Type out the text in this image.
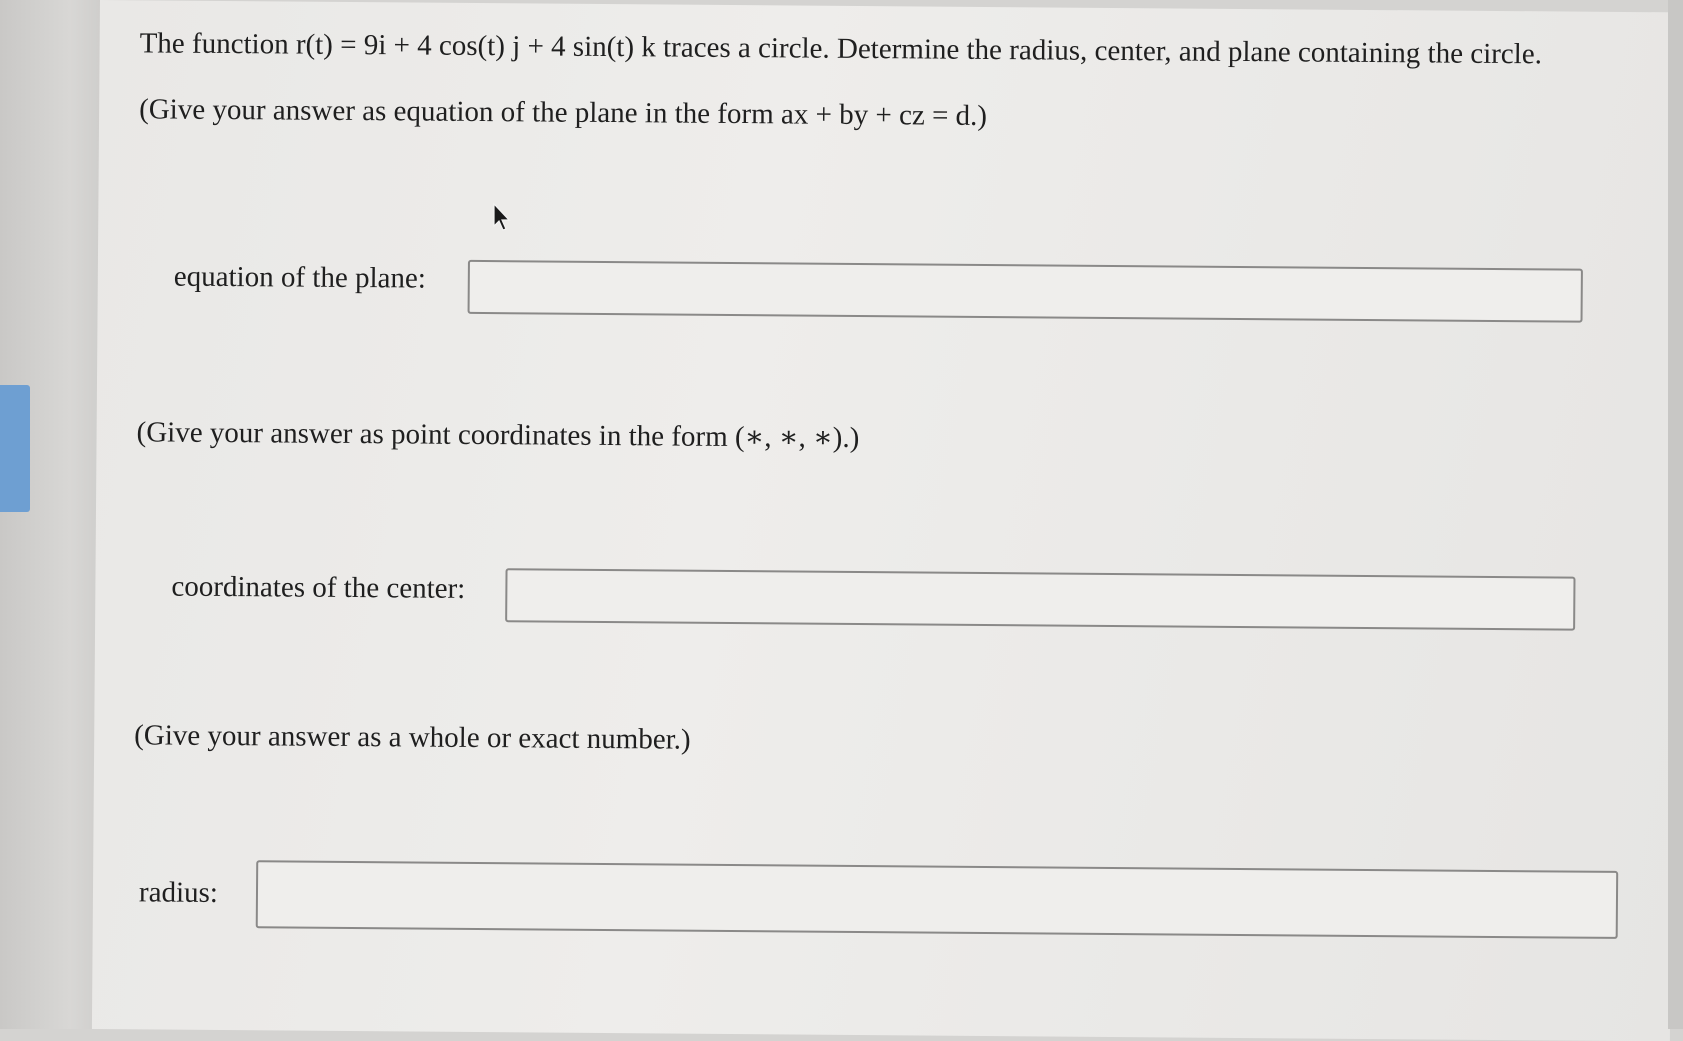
The function r(t) = 9i + 4 cos(t) j + 4 sin(t) k traces a circle. Determine the radius, center, and plane containing the circle.

(Give your answer as equation of the plane in the form ax + by + cz = d.)

equation of the plane:

(Give your answer as point coordinates in the form (∗, ∗, ∗).)

coordinates of the center:

(Give your answer as a whole or exact number.)

radius:
